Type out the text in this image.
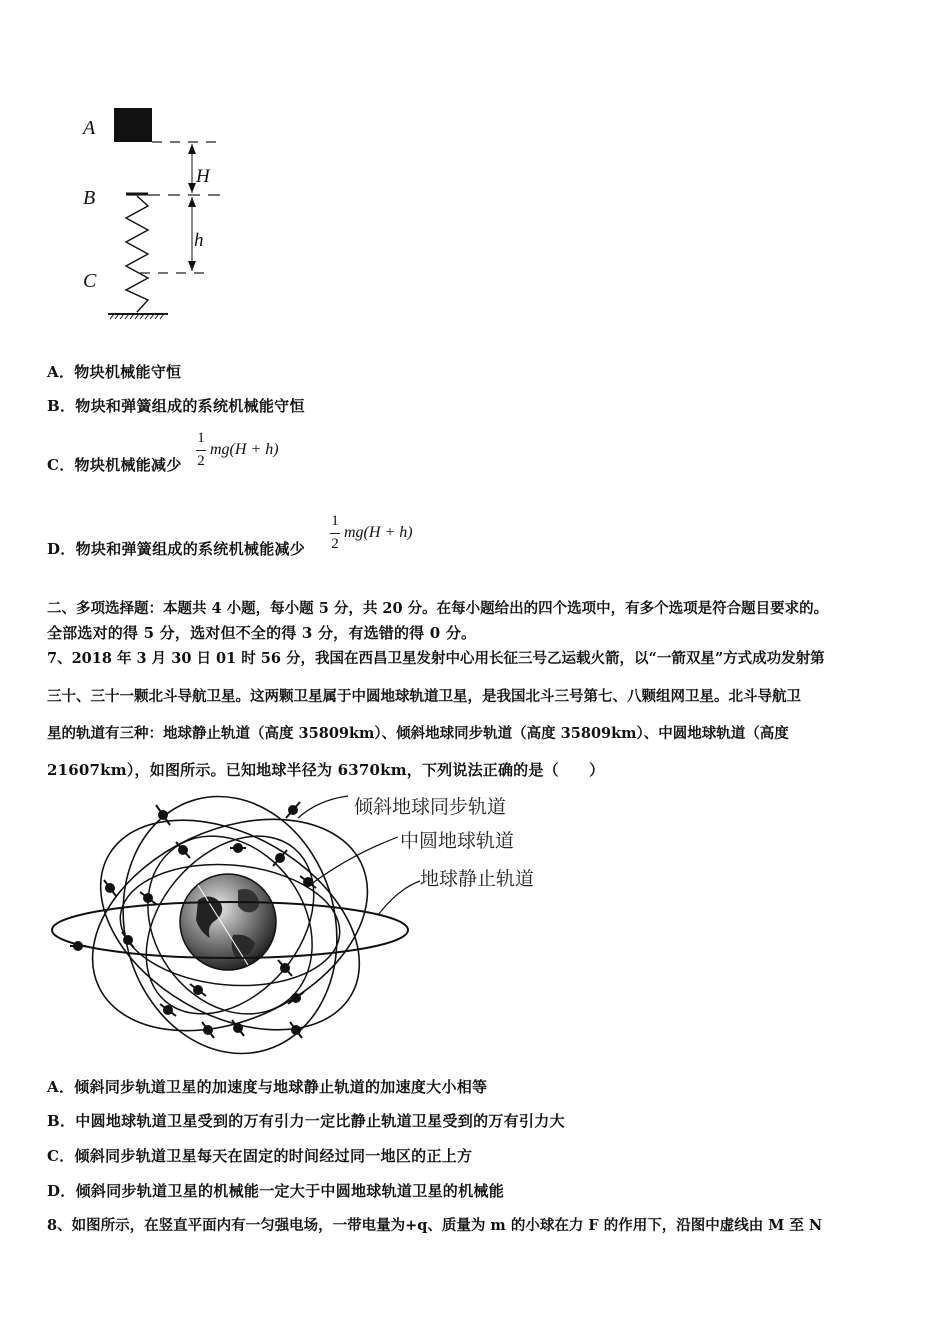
A
B
C
H
h
A．物块机械能守恒
B．物块和弹簧组成的系统机械能守恒
C．物块机械能减少
1
2
mg(H + h)
D．物块和弹簧组成的系统机械能减少
1
2
mg(H + h)
二、多项选择题：本题共 4 小题，每小题 5 分，共 20 分。在每小题给出的四个选项中，有多个选项是符合题目要求的。
全部选对的得 5 分，选对但不全的得 3 分，有选错的得 0 分。
7、2018 年 3 月 30 日 01 时 56 分，我国在西昌卫星发射中心用长征三号乙运载火箭，以“一箭双星”方式成功发射第
三十、三十一颗北斗导航卫星。这两颗卫星属于中圆地球轨道卫星，是我国北斗三号第七、八颗组网卫星。北斗导航卫
星的轨道有三种：地球静止轨道（高度 35809km）、倾斜地球同步轨道（高度 35809km）、中圆地球轨道（高度
21607km），如图所示。已知地球半径为 6370km，下列说法正确的是（　　）
倾斜地球同步轨道
中圆地球轨道
地球静止轨道
A．倾斜同步轨道卫星的加速度与地球静止轨道的加速度大小相等
B．中圆地球轨道卫星受到的万有引力一定比静止轨道卫星受到的万有引力大
C．倾斜同步轨道卫星每天在固定的时间经过同一地区的正上方
D．倾斜同步轨道卫星的机械能一定大于中圆地球轨道卫星的机械能
8、如图所示，在竖直平面内有一匀强电场，一带电量为+q、质量为 m 的小球在力 F 的作用下，沿图中虚线由 M 至 N
